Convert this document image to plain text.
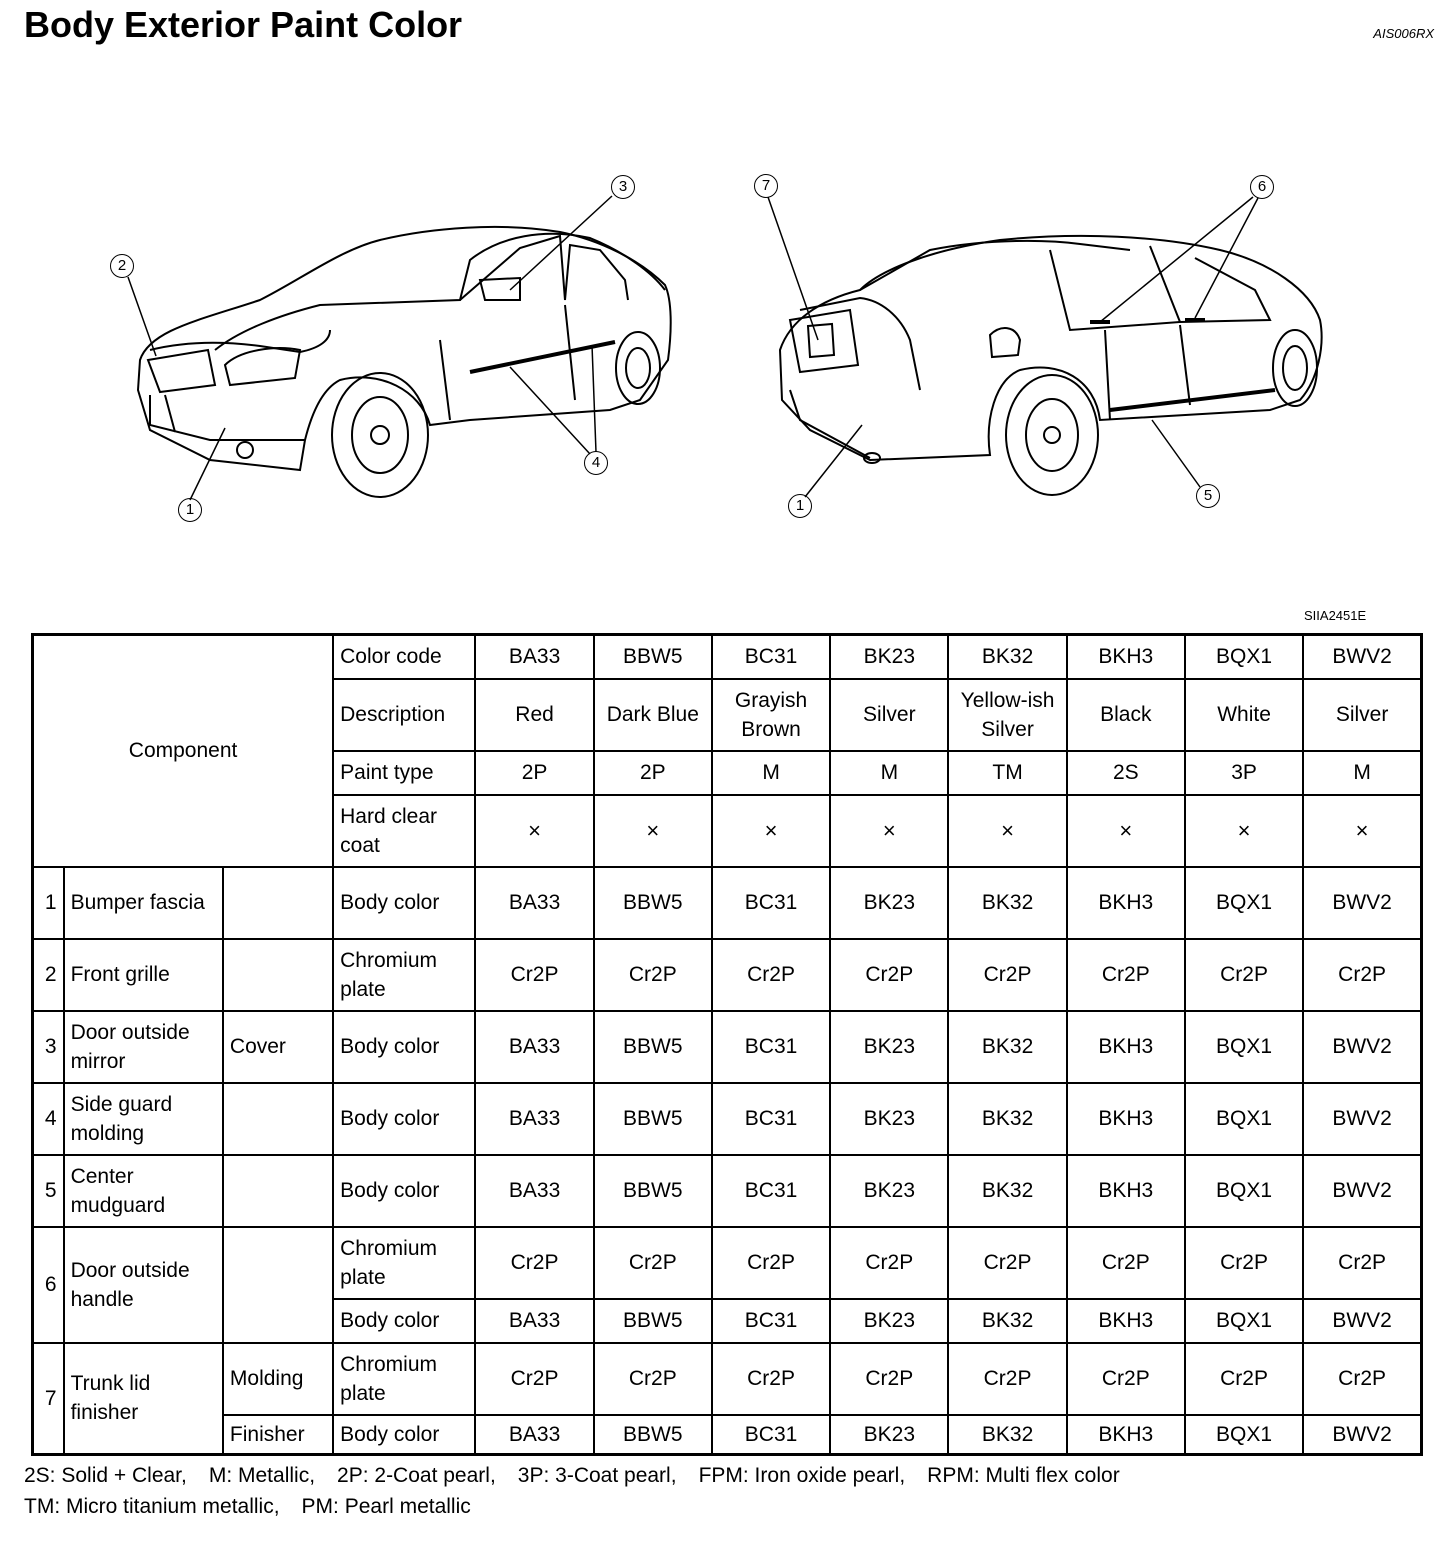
Body Exterior Paint Color	AIS006RX
1
2
3
4
1
5
6
7
SIIA2451E
Component			Color code	BA33	BBW5	BC31	BK23	BK32	BKH3	BQX1	BWV2
			Description	Red	Dark Blue	Grayish Brown	Silver	Yellow-ish Silver	Black	White	Silver
			Paint type	2P	2P	M	M	TM	2S	3P	M
			Hard clear coat	×	×	×	×	×	×	×	×
1	Bumper fascia		Body color	BA33	BBW5	BC31	BK23	BK32	BKH3	BQX1	BWV2
2	Front grille		Chromium plate	Cr2P	Cr2P	Cr2P	Cr2P	Cr2P	Cr2P	Cr2P	Cr2P
3	Door outside mirror	Cover	Body color	BA33	BBW5	BC31	BK23	BK32	BKH3	BQX1	BWV2
4	Side guard molding		Body color	BA33	BBW5	BC31	BK23	BK32	BKH3	BQX1	BWV2
5	Center mudguard		Body color	BA33	BBW5	BC31	BK23	BK32	BKH3	BQX1	BWV2
6	Door outside handle		Chromium plate	Cr2P	Cr2P	Cr2P	Cr2P	Cr2P	Cr2P	Cr2P	Cr2P
			Body color	BA33	BBW5	BC31	BK23	BK32	BKH3	BQX1	BWV2
7	Trunk lid finisher	Molding	Chromium plate	Cr2P	Cr2P	Cr2P	Cr2P	Cr2P	Cr2P	Cr2P	Cr2P
		Finisher	Body color	BA33	BBW5	BC31	BK23	BK32	BKH3	BQX1	BWV2
2S: Solid + Clear, M: Metallic, 2P: 2-Coat pearl, 3P: 3-Coat pearl, FPM: Iron oxide pearl, RPM: Multi flex color
TM: Micro titanium metallic, PM: Pearl metallic
